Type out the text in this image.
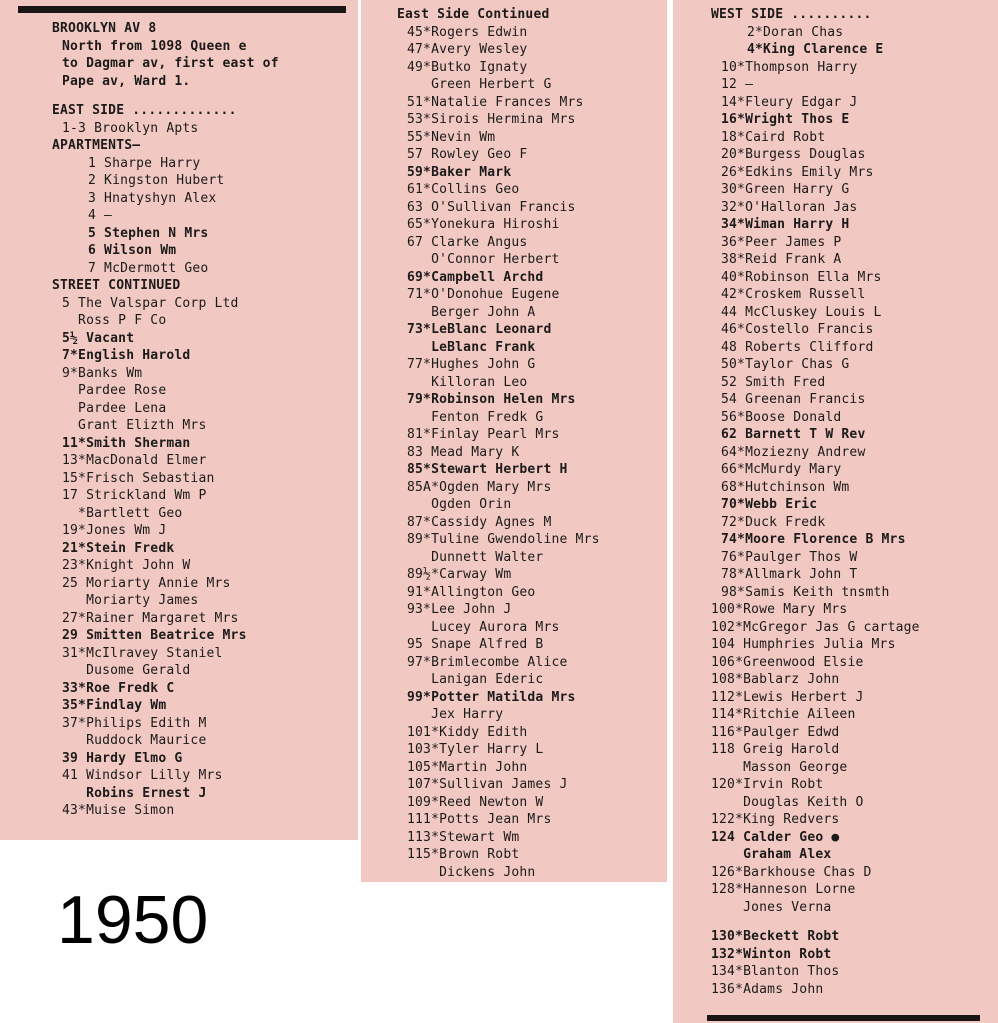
BROOKLYN AV 8
North from 1098 Queen e
to Dagmar av, first east of
Pape av, Ward 1.
EAST SIDE .............
1-3 Brooklyn Apts
APARTMENTS—
1 Sharpe Harry
2 Kingston Hubert
3 Hnatyshyn Alex
4 —
5 Stephen N Mrs
6 Wilson Wm
7 McDermott Geo
STREET CONTINUED
5 The Valspar Corp Ltd
Ross P F Co
5½ Vacant
7*English Harold
9*Banks Wm
Pardee Rose
Pardee Lena
Grant Elizth Mrs
11*Smith Sherman
13*MacDonald Elmer
15*Frisch Sebastian
17 Strickland Wm P
*Bartlett Geo
19*Jones Wm J
21*Stein Fredk
23*Knight John W
25 Moriarty Annie Mrs
Moriarty James
27*Rainer Margaret Mrs
29 Smitten Beatrice Mrs
31*McIlravey Staniel
Dusome Gerald
33*Roe Fredk C
35*Findlay Wm
37*Philips Edith M
Ruddock Maurice
39 Hardy Elmo G
41 Windsor Lilly Mrs
Robins Ernest J
43*Muise Simon
East Side Continued
45*Rogers Edwin
47*Avery Wesley
49*Butko Ignaty
Green Herbert G
51*Natalie Frances Mrs
53*Sirois Hermina Mrs
55*Nevin Wm
57 Rowley Geo F
59*Baker Mark
61*Collins Geo
63 O'Sullivan Francis
65*Yonekura Hiroshi
67 Clarke Angus
O'Connor Herbert
69*Campbell Archd
71*O'Donohue Eugene
Berger John A
73*LeBlanc Leonard
LeBlanc Frank
77*Hughes John G
Killoran Leo
79*Robinson Helen Mrs
Fenton Fredk G
81*Finlay Pearl Mrs
83 Mead Mary K
85*Stewart Herbert H
85A*Ogden Mary Mrs
Ogden Orin
87*Cassidy Agnes M
89*Tuline Gwendoline Mrs
Dunnett Walter
89½*Carway Wm
91*Allington Geo
93*Lee John J
Lucey Aurora Mrs
95 Snape Alfred B
97*Brimlecombe Alice
Lanigan Ederic
99*Potter Matilda Mrs
Jex Harry
101*Kiddy Edith
103*Tyler Harry L
105*Martin John
107*Sullivan James J
109*Reed Newton W
111*Potts Jean Mrs
113*Stewart Wm
115*Brown Robt
Dickens John
WEST SIDE ..........
2*Doran Chas
4*King Clarence E
10*Thompson Harry
12 —
14*Fleury Edgar J
16*Wright Thos E
18*Caird Robt
20*Burgess Douglas
26*Edkins Emily Mrs
30*Green Harry G
32*O'Halloran Jas
34*Wiman Harry H
36*Peer James P
38*Reid Frank A
40*Robinson Ella Mrs
42*Croskem Russell
44 McCluskey Louis L
46*Costello Francis
48 Roberts Clifford
50*Taylor Chas G
52 Smith Fred
54 Greenan Francis
56*Boose Donald
62 Barnett T W Rev
64*Moziezny Andrew
66*McMurdy Mary
68*Hutchinson Wm
70*Webb Eric
72*Duck Fredk
74*Moore Florence B Mrs
76*Paulger Thos W
78*Allmark John T
98*Samis Keith tnsmth
100*Rowe Mary Mrs
102*McGregor Jas G cartage
104 Humphries Julia Mrs
106*Greenwood Elsie
108*Bablarz John
112*Lewis Herbert J
114*Ritchie Aileen
116*Paulger Edwd
118 Greig Harold
Masson George
120*Irvin Robt
Douglas Keith O
122*King Redvers
124 Calder Geo ●
Graham Alex
126*Barkhouse Chas D
128*Hanneson Lorne
Jones Verna
130*Beckett Robt
132*Winton Robt
134*Blanton Thos
136*Adams John
1950
